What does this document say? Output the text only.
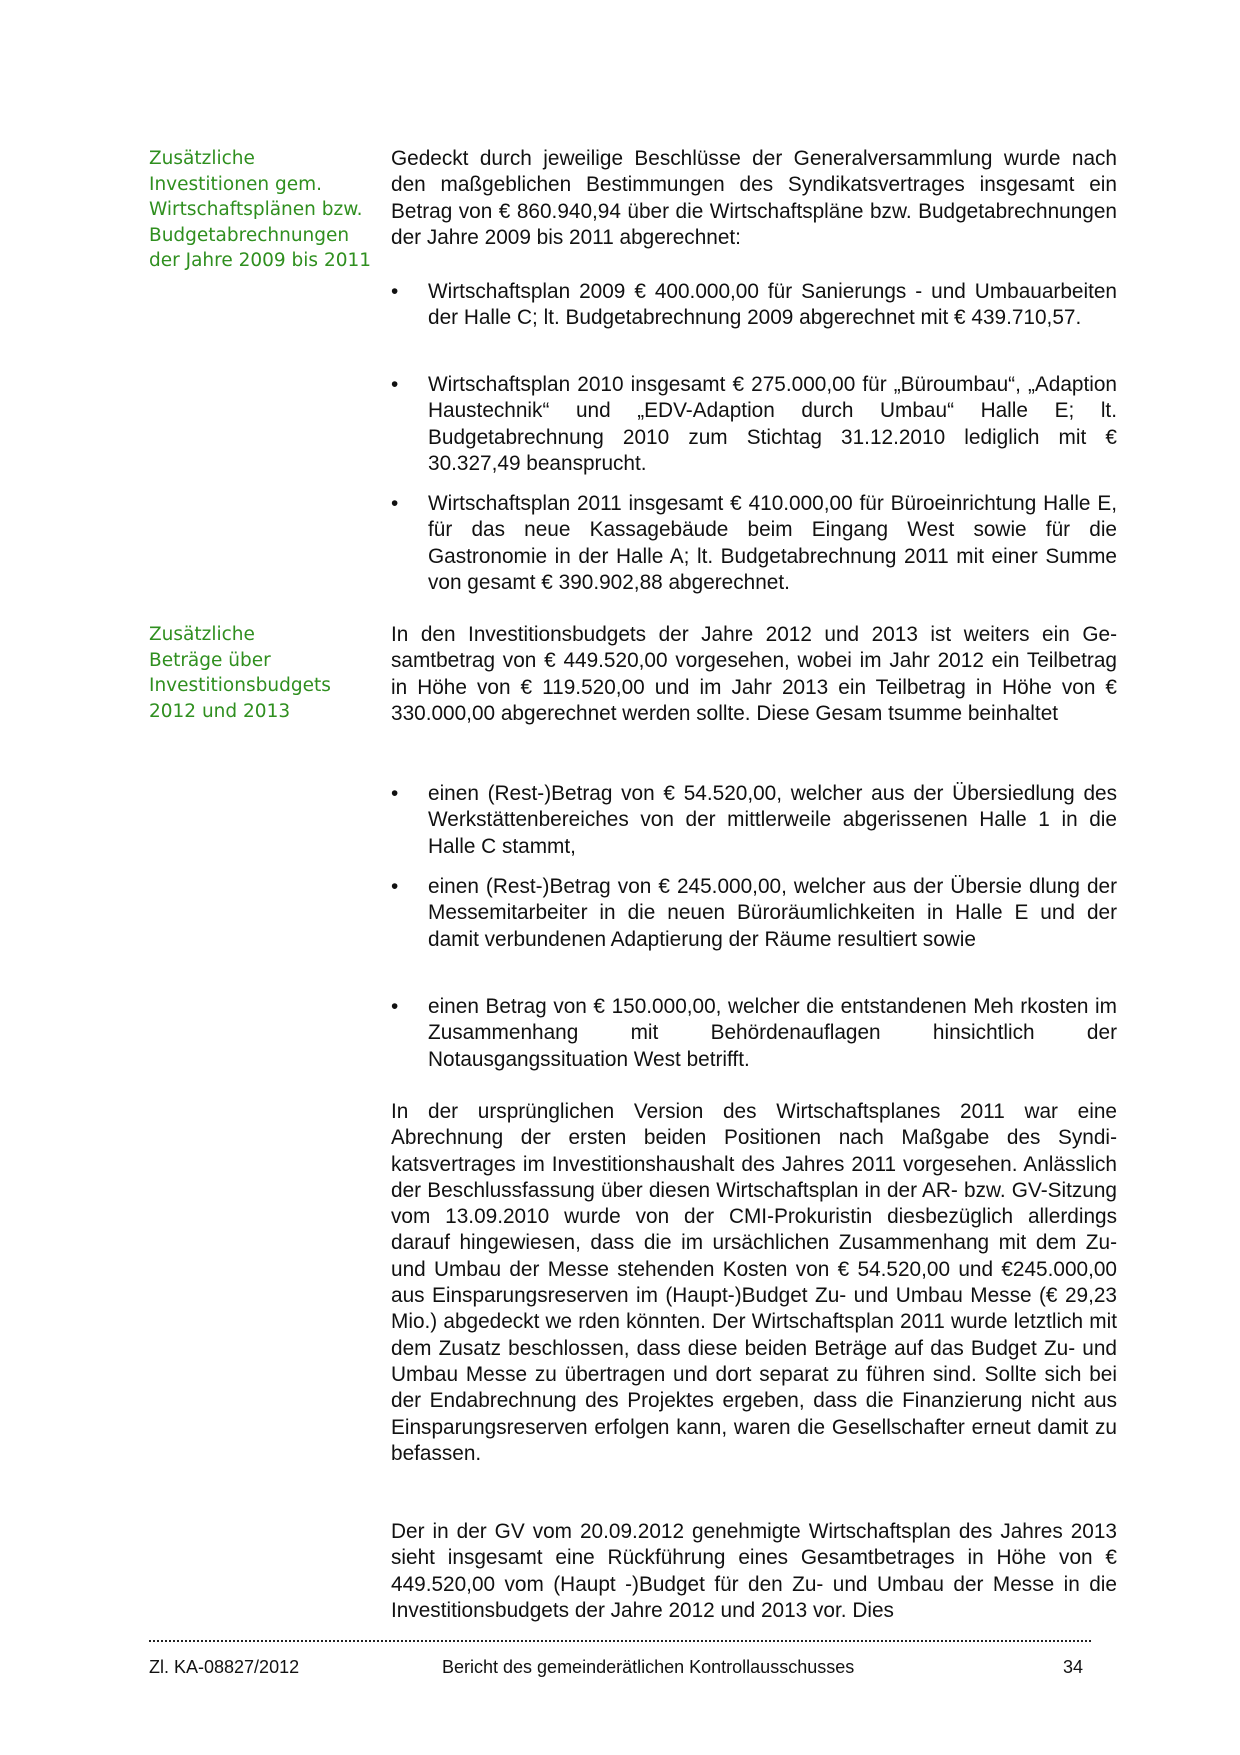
Zusätzliche
Investitionen gem.
Wirtschaftsplänen bzw.
Budgetabrechnungen
der Jahre 2009 bis 2011
Zusätzliche
Beträge über
Investitionsbudgets
2012 und 2013

Gedeckt durch jeweilige Beschlüsse der Generalversammlung wurde nach den maßgeblichen Bestimmungen des Syndikatsvertrages insgesamt ein Betrag von € 860.940,94 über die Wirtschaftspläne bzw. Budgetabrechnungen der Jahre 2009 bis 2011 abgerechnet:

•	Wirtschaftsplan 2009 € 400.000,00 für Sanierungs - und Umbauarbeiten der Halle C; lt. Budgetabrechnung 2009 abgerechnet mit € 439.710,57.
•	Wirtschaftsplan 2010 insgesamt € 275.000,00 für „Büroumbau“, „Adaption Haustechnik“ und „EDV-Adaption durch Umbau“ Halle E; lt. Budgetabrechnung 2010 zum Stichtag 31.12.2010 lediglich mit € 30.327,49 beansprucht.
•	Wirtschaftsplan 2011 insgesamt € 410.000,00 für Büroeinrichtung Halle E, für das neue Kassagebäude beim Eingang West sowie für die Gastronomie in der Halle A; lt. Budgetabrechnung 2011 mit einer Summe von gesamt € 390.902,88 abgerechnet.

In den Investitionsbudgets der Jahre 2012 und 2013 ist weiters ein Gesamtbetrag von € 449.520,00 vorgesehen, wobei im Jahr 2012 ein Teilbetrag in Höhe von € 119.520,00 und im Jahr 2013 ein Teilbetrag in Höhe von € 330.000,00 abgerechnet werden sollte. Diese Gesam tsumme beinhaltet

•	einen (Rest-)Betrag von € 54.520,00, welcher aus der Übersiedlung des Werkstättenbereiches von der mittlerweile abgerissenen Halle 1 in die Halle C stammt,
•	einen (Rest-)Betrag von € 245.000,00, welcher aus der Übersie dlung der Messemitarbeiter in die neuen Büroräumlichkeiten in Halle E und der damit verbundenen Adaptierung der Räume resultiert sowie
•	einen Betrag von € 150.000,00, welcher die entstandenen Meh rkosten im Zusammenhang mit Behördenauflagen hinsichtlich der Notausgangssituation West betrifft.

In der ursprünglichen Version des Wirtschaftsplanes 2011 war eine Abrechnung der ersten beiden Positionen nach Maßgabe des Syndikatsvertrages im Investitionshaushalt des Jahres 2011 vorgesehen. Anlässlich der Beschlussfassung über diesen Wirtschaftsplan in der AR- bzw. GV-Sitzung vom 13.09.2010 wurde von der CMI-Prokuristin diesbezüglich allerdings darauf hingewiesen, dass die im ursächlichen Zusammenhang mit dem Zu- und Umbau der Messe stehenden Kosten von € 54.520,00 und €245.000,00 aus Einsparungsreserven im (Haupt-)Budget Zu- und Umbau Messe (€ 29,23 Mio.) abgedeckt we rden könnten. Der Wirtschaftsplan 2011 wurde letztlich mit dem Zusatz beschlossen, dass diese beiden Beträge auf das Budget Zu- und Umbau Messe zu übertragen und dort separat zu führen sind. Sollte sich bei der Endabrechnung des Projektes ergeben, dass die Finanzierung nicht aus Einsparungsreserven erfolgen kann, waren die Gesellschafter erneut damit zu befassen.

Der in der GV vom 20.09.2012 genehmigte Wirtschaftsplan des Jahres 2013 sieht insgesamt eine Rückführung eines Gesamtbetrages in Höhe von € 449.520,00 vom (Haupt -)Budget für den Zu- und Umbau der Messe in die Investitionsbudgets der Jahre 2012 und 2013 vor. Dies

Zl. KA-08827/2012	Bericht des gemeinderätlichen Kontrollausschusses	34
